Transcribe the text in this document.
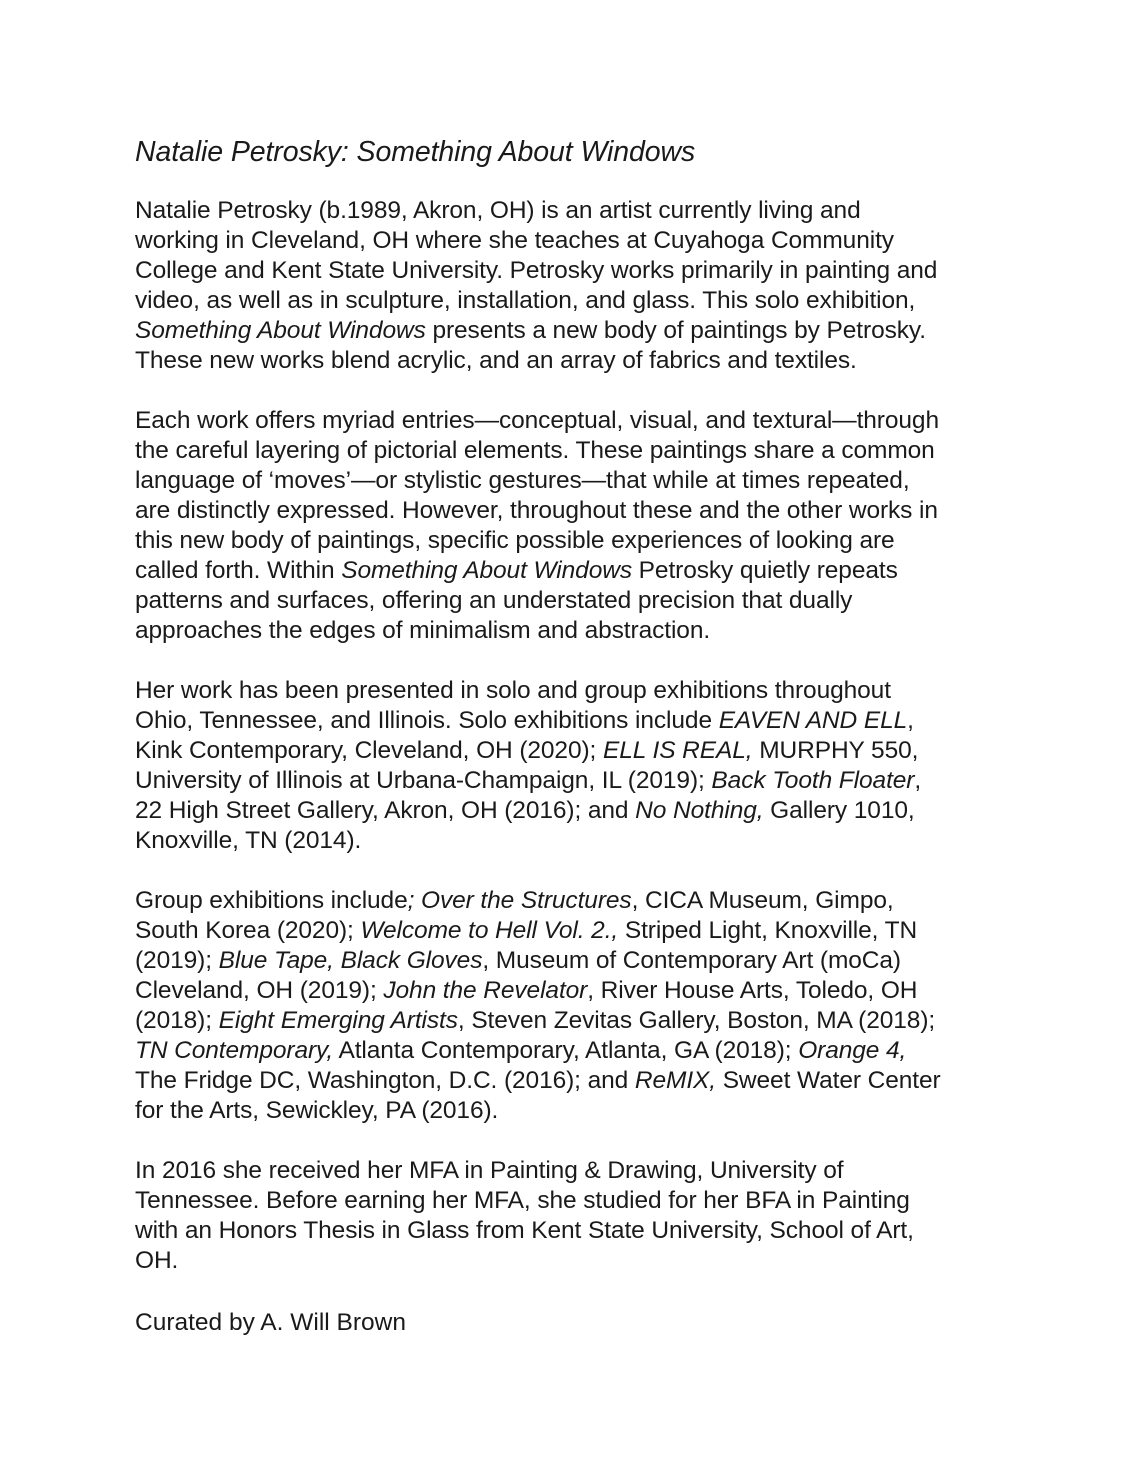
Natalie Petrosky: Something About Windows
Natalie Petrosky (b.1989, Akron, OH) is an artist currently living and
working in Cleveland, OH where she teaches at Cuyahoga Community
College and Kent State University. Petrosky works primarily in painting and
video, as well as in sculpture, installation, and glass. This solo exhibition,
Something About Windows presents a new body of paintings by Petrosky.
These new works blend acrylic, and an array of fabrics and textiles.
Each work offers myriad entries—conceptual, visual, and textural—through
the careful layering of pictorial elements. These paintings share a common
language of ‘moves’—or stylistic gestures—that while at times repeated,
are distinctly expressed. However, throughout these and the other works in
this new body of paintings, specific possible experiences of looking are
called forth. Within Something About Windows Petrosky quietly repeats
patterns and surfaces, offering an understated precision that dually
approaches the edges of minimalism and abstraction.
Her work has been presented in solo and group exhibitions throughout
Ohio, Tennessee, and Illinois. Solo exhibitions include EAVEN AND ELL,
Kink Contemporary, Cleveland, OH (2020); ELL IS REAL, MURPHY 550,
University of Illinois at Urbana-Champaign, IL (2019); Back Tooth Floater,
22 High Street Gallery, Akron, OH (2016); and No Nothing, Gallery 1010,
Knoxville, TN (2014).
Group exhibitions include; Over the Structures, CICA Museum, Gimpo,
South Korea (2020); Welcome to Hell Vol. 2., Striped Light, Knoxville, TN
(2019); Blue Tape, Black Gloves, Museum of Contemporary Art (moCa)
Cleveland, OH (2019); John the Revelator, River House Arts, Toledo, OH
(2018); Eight Emerging Artists, Steven Zevitas Gallery, Boston, MA (2018);
TN Contemporary, Atlanta Contemporary, Atlanta, GA (2018); Orange 4,
The Fridge DC, Washington, D.C. (2016); and ReMIX, Sweet Water Center
for the Arts, Sewickley, PA (2016).
In 2016 she received her MFA in Painting & Drawing, University of
Tennessee. Before earning her MFA, she studied for her BFA in Painting
with an Honors Thesis in Glass from Kent State University, School of Art,
OH.
Curated by A. Will Brown
